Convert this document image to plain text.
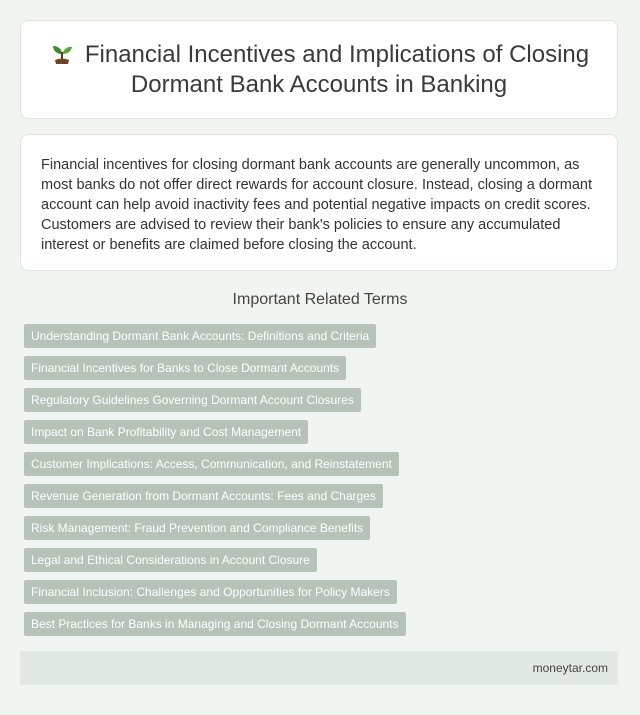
Financial Incentives and Implications of Closing Dormant Bank Accounts in Banking

Financial incentives for closing dormant bank accounts are generally uncommon, as most banks do not offer direct rewards for account closure. Instead, closing a dormant account can help avoid inactivity fees and potential negative impacts on credit scores. Customers are advised to review their bank's policies to ensure any accumulated interest or benefits are claimed before closing the account.

Important Related Terms
Understanding Dormant Bank Accounts: Definitions and Criteria
Financial Incentives for Banks to Close Dormant Accounts
Regulatory Guidelines Governing Dormant Account Closures
Impact on Bank Profitability and Cost Management
Customer Implications: Access, Communication, and Reinstatement
Revenue Generation from Dormant Accounts: Fees and Charges
Risk Management: Fraud Prevention and Compliance Benefits
Legal and Ethical Considerations in Account Closure
Financial Inclusion: Challenges and Opportunities for Policy Makers
Best Practices for Banks in Managing and Closing Dormant Accounts
moneytar.com
